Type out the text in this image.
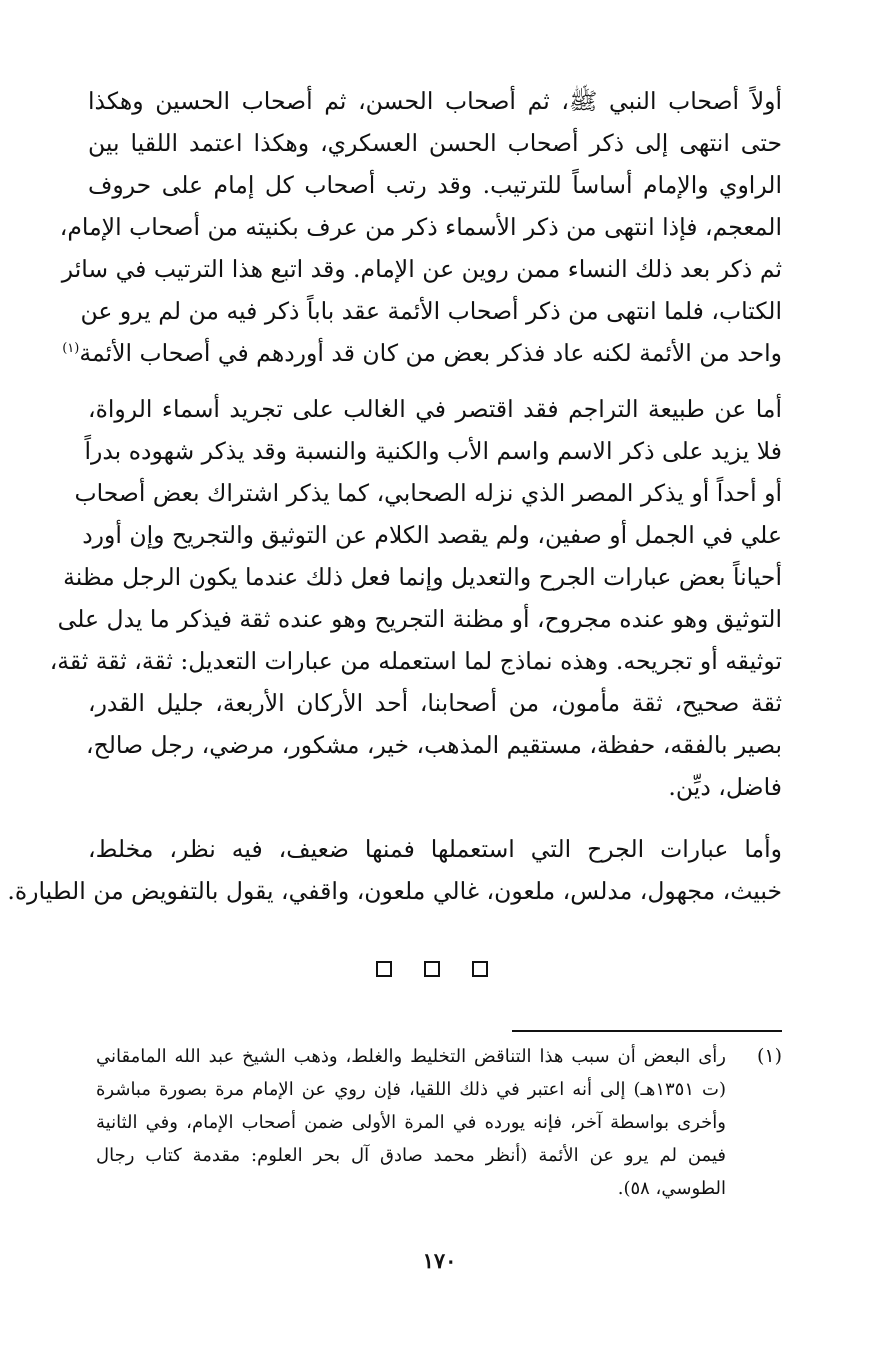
أولاً أصحاب النبي ﷺ، ثم أصحاب الحسن، ثم أصحاب الحسين وهكذا
حتى انتهى إلى ذكر أصحاب الحسن العسكري، وهكذا اعتمد اللقيا بين
الراوي والإمام أساساً للترتيب. وقد رتب أصحاب كل إمام على حروف
المعجم، فإذا انتهى من ذكر الأسماء ذكر من عرف بكنيته من أصحاب الإمام،
ثم ذكر بعد ذلك النساء ممن روين عن الإمام. وقد اتبع هذا الترتيب في سائر
الكتاب، فلما انتهى من ذكر أصحاب الأئمة عقد باباً ذكر فيه من لم يرو عن
واحد من الأئمة لكنه عاد فذكر بعض من كان قد أوردهم في أصحاب الأئمة$^{(١)}$
أما عن طبيعة التراجم فقد اقتصر في الغالب على تجريد أسماء الرواة،
فلا يزيد على ذكر الاسم واسم الأب والكنية والنسبة وقد يذكر شهوده بدراً
أو أحداً أو يذكر المصر الذي نزله الصحابي، كما يذكر اشتراك بعض أصحاب
علي في الجمل أو صفين، ولم يقصد الكلام عن التوثيق والتجريح وإن أورد
أحياناً بعض عبارات الجرح والتعديل وإنما فعل ذلك عندما يكون الرجل مظنة
التوثيق وهو عنده مجروح، أو مظنة التجريح وهو عنده ثقة فيذكر ما يدل على
توثيقه أو تجريحه. وهذه نماذج لما استعمله من عبارات التعديل: ثقة، ثقة ثقة،
ثقة صحيح، ثقة مأمون، من أصحابنا، أحد الأركان الأربعة، جليل القدر،
بصير بالفقه، حفظة، مستقيم المذهب، خير، مشكور، مرضي، رجل صالح،
فاضل، ديِّن.
وأما عبارات الجرح التي استعملها فمنها ضعيف، فيه نظر، مخلط،
خبيث، مجهول، مدلس، ملعون، غالي ملعون، واقفي، يقول بالتفويض من الطيارة.
(١)
رأى البعض أن سبب هذا التناقض التخليط والغلط، وذهب الشيخ عبد الله المامقاني
(ت ١٣٥١هـ) إلى أنه اعتبر في ذلك اللقيا، فإن روي عن الإمام مرة بصورة مباشرة
وأخرى بواسطة آخر، فإنه يورده في المرة الأولى ضمن أصحاب الإمام، وفي الثانية
فيمن لم يرو عن الأئمة (أنظر محمد صادق آل بحر العلوم: مقدمة كتاب رجال
الطوسي، ٥٨).
١٧٠
